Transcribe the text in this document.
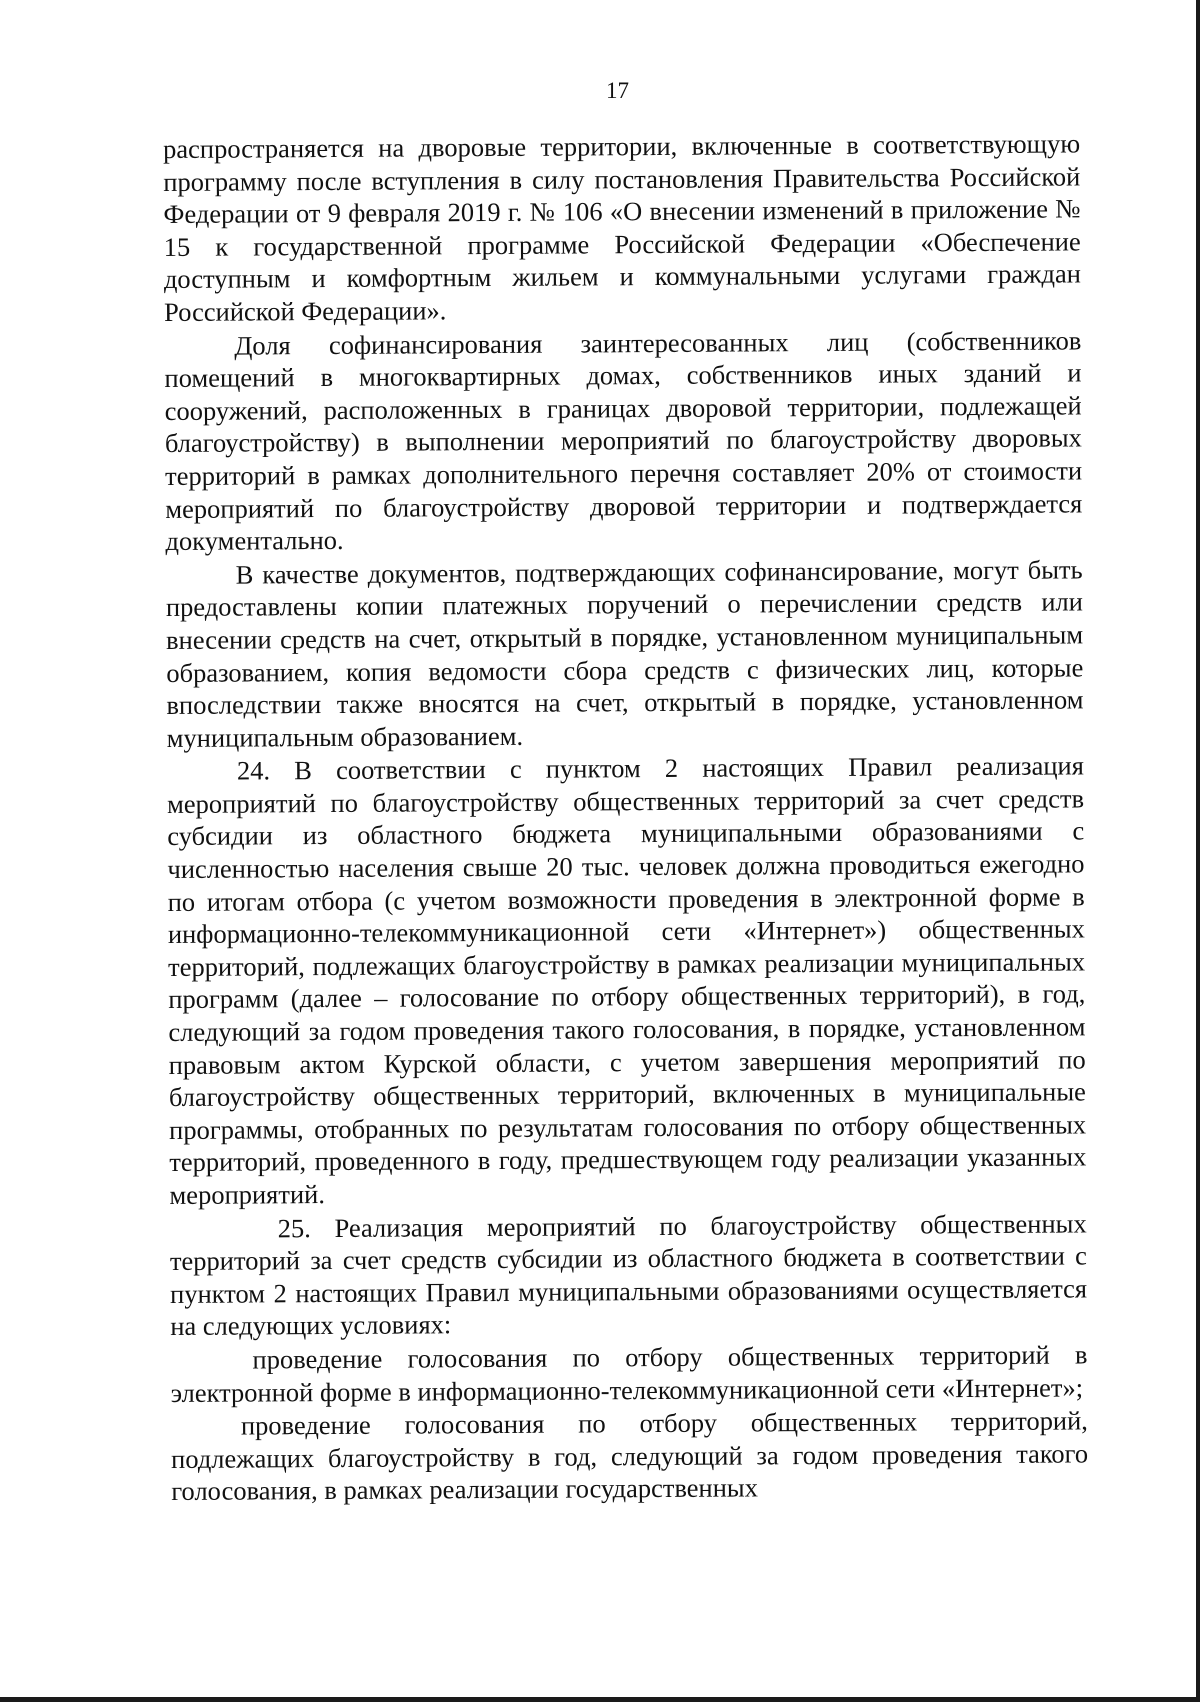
17

распространяется на дворовые территории, включенные в соответствующую программу после вступления в силу постановления Правительства Российской Федерации от 9 февраля 2019 г. № 106 «О внесении изменений в приложение № 15 к государственной программе Российской Федерации «Обеспечение доступным и комфортным жильем и коммунальными услугами граждан Российской Федерации».

Доля софинансирования заинтересованных лиц (собственников помещений в многоквартирных домах, собственников иных зданий и сооружений, расположенных в границах дворовой территории, подлежащей благоустройству) в выполнении мероприятий по благоустройству дворовых территорий в рамках дополнительного перечня составляет 20% от стоимости мероприятий по благоустройству дворовой территории и подтверждается документально.

В качестве документов, подтверждающих софинансирование, могут быть предоставлены копии платежных поручений о перечислении средств или внесении средств на счет, открытый в порядке, установленном муниципальным образованием, копия ведомости сбора средств с физических лиц, которые впоследствии также вносятся на счет, открытый в порядке, установленном муниципальным образованием.

24. В соответствии с пунктом 2 настоящих Правил реализация мероприятий по благоустройству общественных территорий за счет средств субсидии из областного бюджета муниципальными образованиями с численностью населения свыше 20 тыс. человек должна проводиться ежегодно по итогам отбора (с учетом возможности проведения в электронной форме в информационно-телекоммуникационной сети «Интернет») общественных территорий, подлежащих благоустройству в рамках реализации муниципальных программ (далее – голосование по отбору общественных территорий), в год, следующий за годом проведения такого голосования, в порядке, установленном правовым актом Курской области, с учетом завершения мероприятий по благоустройству общественных территорий, включенных в муниципальные программы, отобранных по результатам голосования по отбору общественных территорий, проведенного в году, предшествующем году реализации указанных мероприятий.

25. Реализация мероприятий по благоустройству общественных территорий за счет средств субсидии из областного бюджета в соответствии с пунктом 2 настоящих Правил муниципальными образованиями осуществляется на следующих условиях:

проведение голосования по отбору общественных территорий в электронной форме в информационно-телекоммуникационной сети «Интернет»;

проведение голосования по отбору общественных территорий, подлежащих благоустройству в год, следующий за годом проведения такого голосования, в рамках реализации государственных
